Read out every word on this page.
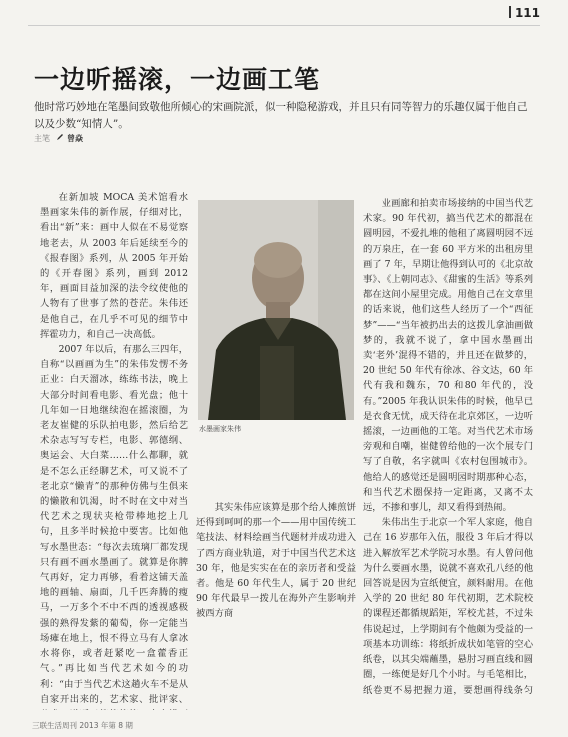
111
一边听摇滚，一边画工笔
他时常巧妙地在笔墨间致敬他所倾心的宋画院派，似一种隐秘游戏，并且只有同等智力的乐趣仅属于他自己以及少数“知情人”。
主笔 曾焱

在新加坡 MOCA 美术馆看水墨画家朱伟的新作展，仔细对比，看出“新”来：画中人似在不易觉察地老去，从 2003 年后延续至今的《报春图》系列，从 2005 年开始的《开春图》系列，画到 2012 年，画面目益加深的法令纹使他的人物有了世事了然的苍茫。朱伟还是他自己，在几乎不可见的细节中挥霍功力，和自己一决高低。

2007 年以后，有那么三四年，自称“以画画为生”的朱伟发愣不务正业：白天溜冰，练练书法，晚上大部分时间看电影、看光盘；他十几年如一日地继续泡在摇滚圈，为老友崔健的乐队拍电影，然后给艺术杂志写写专栏，电影、郭德纲、奥运会、大白菜……什么都聊，就是不怎么正经聊艺术，可又说不了老北京“懒青”的那种仿佛与生俱来的懒散和饥渴，时不时在文中对当代艺术之现状夹枪带棒地挖上几句，且多半时候抢中要害。比如他写水墨世态：“每次去琉璃厂都发现只有画不画水墨画了。就算是你脾气再好，定力再够，看着这铺天盖地的画轴、扇面，几千匹奔腾的瘦马，一万多个不中不西的透视感极强的熟得发紫的葡萄，你一定能当场瘫在地上，恨不得立马有人拿冰水将你，或者赶紧吃一盒藿香正气。”再比如当代艺术如今的功利：“由于当代艺术这趟火车不是从自家开出来的，艺术家、批评家、

水墨画家朱伟

其实朱伟应该算是那个给人摊煎饼还得到呵呵的那一个——用中国传统工笔技法、材料绘画当代题材并成功进入了西方商业轨道，对于中国当代艺术这30 年，他是实实在在的亲历者和受益者。他是 60 年代生人，属于 20 世纪 90 年代最早一拨儿在海外产生影响并被西方商

业画廊和拍卖市场接纳的中国当代艺术家。90 年代初，搞当代艺术的都混在圆明园，不爱扎堆的他租了离圆明园不远的万泉庄，在一套 60 平方米的出租房里画了 7 年，早期让他得到认可的《北京故事》、《上朝同志》、《甜蜜的生活》等系列都在这间小屋里完成。用他自己在文章里的话来说，他们这些人经历了一个“西征梦”——“当年被扔出去的这拨儿拿油画做梦的，我就不说了，拿中国水墨画出卖‘老外’混得不错的，并且还在做梦的，20 世纪 50 年代有徐冰、谷文达，60 年代有我和魏东，70 和80 年代的，没有。”2005 年我认识朱伟的时候，他早已是衣食无忧，成天待在北京郊区，一边听摇滚，一边画他的工笔。对当代艺术市场旁观和自嘲，崔健曾给他的一次个展专门写了自敬，名字就叫《农村包围城市》。他给人的感觉还是圆明园时期那种心态，和当代艺术圈保持一定距离，又离不太远，不掺和事儿，却又看得到热闹。

朱伟出生于北京一个军人家庭，他自己在 16 岁那年入伍，服役 3 年后才得以进入解放军艺术学院习水墨。有人曾问他为什么要画水墨，说就不喜欢孔八经的他回答说是因为宣纸便宜，颜料耐用。在他入学的 20 世纪 80 年代初期，艺术院校的课程还都循规蹈矩，军校尤甚，不过朱伟说起过，上学期间有个他颇为受益的一项基本功训练：将纸折成状如笔管的空心纸卷，以其尖端蘸墨，悬肘习画直线和圆圈，一练便是好几个小时。与毛笔相比，纸卷更不易把握力道，要想画得线条匀

三联生活周刊 2013 年第 8 期
